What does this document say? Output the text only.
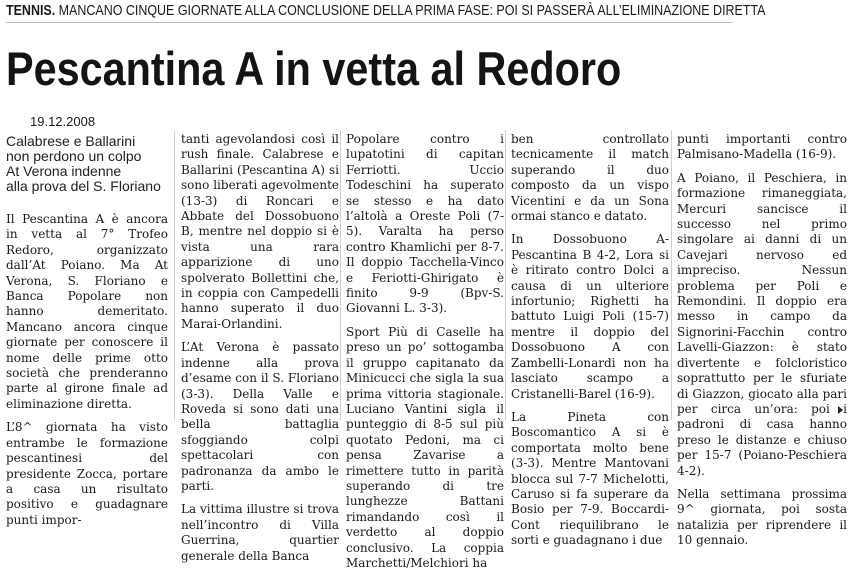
TENNIS. MANCANO CINQUE GIORNATE ALLA CONCLUSIONE DELLA PRIMA FASE: POI SI PASSERÀ ALL’ELIMINAZIONE DIRETTA
Pescantina A in vetta al Redoro
19.12.2008
Calabrese e Ballarini
non perdono un colpo
At Verona indenne
alla prova del S. Floriano

Il Pescantina A è ancora in vetta al 7° Trofeo Redoro, organizzato dall’At Poiano. Ma At Verona, S. Floriano e Banca Popolare non hanno demeritato. Mancano ancora cinque giornate per conoscere il nome delle prime otto società che prenderanno parte al girone finale ad eliminazione diretta.

L’8^ giornata ha visto entrambe le formazione pescantinesi del presidente Zocca, portare a casa un risultato positivo e guadagnare punti impor-

tanti agevolandosi così il rush finale. Calabrese e Ballarini (Pescantina A) si sono liberati agevolmente (13-3) di Roncari e Abbate del Dossobuono B, mentre nel doppio si è vista una rara apparizione di uno spolverato Bollettini che, in coppia con Campedelli hanno superato il duo Marai-Orlandini.

L’At Verona è passato indenne alla prova d’esame con il S. Floriano (3-3). Della Valle e Roveda si sono dati una bella battaglia sfoggiando colpi spettacolari con padronanza da ambo le parti.

La vittima illustre si trova nell’incontro di Villa Guerrina, quartier generale della Banca

Popolare contro i lupatotini di capitan Ferriotti. Uccio Todeschini ha superato se stesso e ha dato l’altolà a Oreste Poli (7-5). Varalta ha perso contro Khamlichi per 8-7. Il doppio Tacchella-Vinco e Feriotti-Ghirigato è finito 9-9 (Bpv-S. Giovanni L. 3-3).

Sport Più di Caselle ha preso un po’ sottogamba il gruppo capitanato da Minicucci che sigla la sua prima vittoria stagionale. Luciano Vantini sigla il punteggio di 8-5 sul più quotato Pedoni, ma ci pensa Zavarise a rimettere tutto in parità superando di tre lunghezze Battani rimandando così il verdetto al doppio conclusivo. La coppia Marchetti/Melchiori ha

ben controllato tecnicamente il match superando il duo composto da un vispo Vicentini e da un Sona ormai stanco e datato.

In Dossobuono A-Pescantina B 4-2, Lora si è ritirato contro Dolci a causa di un ulteriore infortunio; Righetti ha battuto Luigi Poli (15-7) mentre il doppio del Dossobuono A con Zambelli-Lonardi non ha lasciato scampo a Cristanelli-Barel (16-9).

La Pineta con Boscomantico A si è comportata molto bene (3-3). Mentre Mantovani blocca sul 7-7 Michelotti, Caruso si fa superare da Bosio per 7-9. Boccardi-Cont riequilibrano le sorti e guadagnano i due

punti importanti contro Palmisano-Madella (16-9).

A Poiano, il Peschiera, in formazione rimaneggiata, Mercuri sancisce il successo nel primo singolare ai danni di un Cavejari nervoso ed impreciso. Nessun problema per Poli e Remondini. Il doppio era messo in campo da Signorini-Facchin contro Lavelli-Giazzon: è stato divertente e folcloristico soprattutto per le sfuriate di Giazzon, giocato alla pari per circa un’ora: poi i padroni di casa hanno preso le distanze e chiuso per 15-7 (Poiano-Peschiera 4-2).

Nella settimana prossima 9^ giornata, poi sosta natalizia per riprendere il 10 gennaio.
